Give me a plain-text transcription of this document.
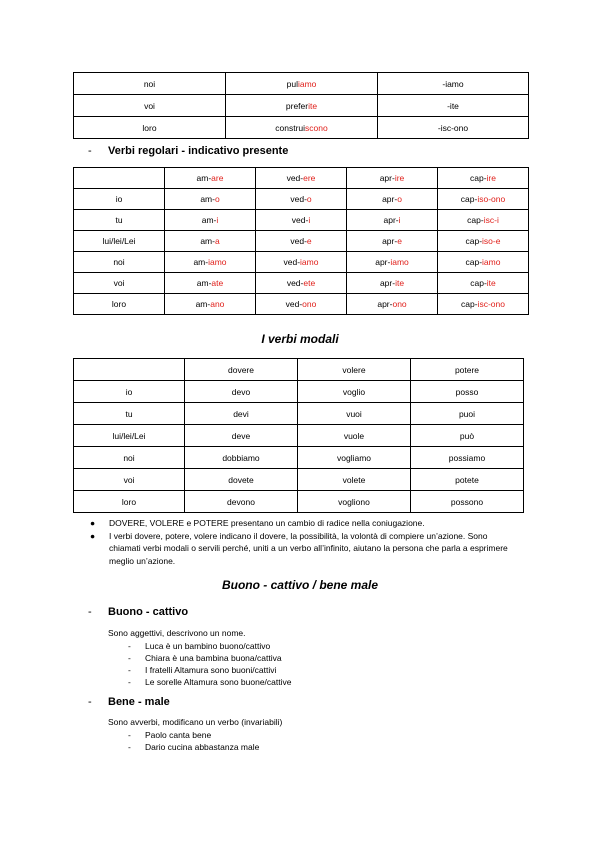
noi	puliamo	-iamo
voi	preferite	-ite
loro	construiscono	-isc-ono
- Verbi regolari - indicativo presente
	am-are	ved-ere	apr-ire	cap-ire
io	am-o	ved-o	apr-o	cap-iso-ono
tu	am-i	ved-i	apr-i	cap-isc-i
lui/lei/Lei	am-a	ved-e	apr-e	cap-iso-e
noi	am-iamo	ved-iamo	apr-iamo	cap-iamo
voi	am-ate	ved-ete	apr-ite	cap-ite
loro	am-ano	ved-ono	apr-ono	cap-isc-ono
I verbi modali
	dovere	volere	potere
io	devo	voglio	posso
tu	devi	vuoi	puoi
lui/lei/Lei	deve	vuole	può
noi	dobbiamo	vogliamo	possiamo
voi	dovete	volete	potete
loro	devono	vogliono	possono
● DOVERE, VOLERE e POTERE presentano un cambio di radice nella coniugazione.
● I verbi dovere, potere, volere indicano il dovere, la possibilità, la volontà di compiere un’azione. Sono chiamati verbi modali o servili perché, uniti a un verbo all’infinito, aiutano la persona che parla a esprimere meglio un’azione.
Buono - cattivo / bene male
- Buono - cattivo
Sono aggettivi, descrivono un nome.
- Luca è un bambino buono/cattivo
- Chiara è una bambina buona/cattiva
- I fratelli Altamura sono buoni/cattivi
- Le sorelle Altamura sono buone/cattive
- Bene - male
Sono avverbi, modificano un verbo (invariabili)
- Paolo canta bene
- Dario cucina abbastanza male
